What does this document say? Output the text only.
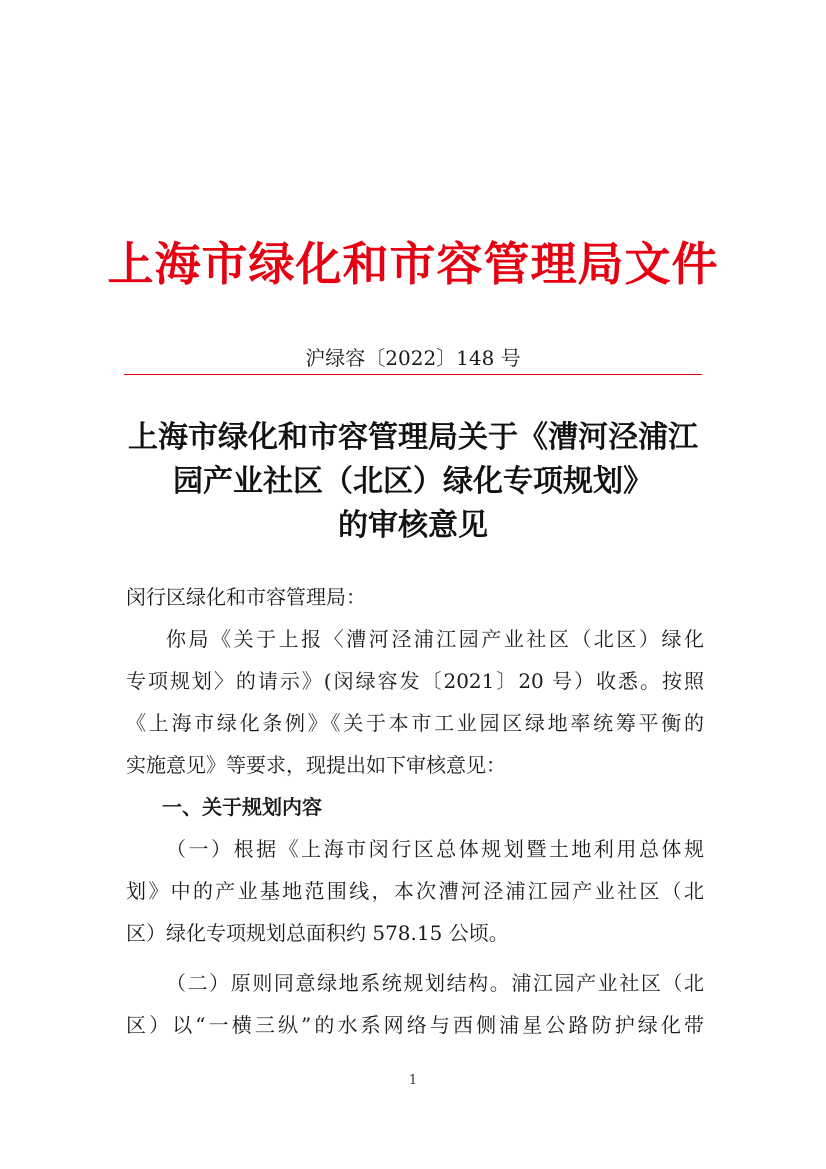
上海市绿化和市容管理局文件
沪绿容〔2022〕148 号
上海市绿化和市容管理局关于《漕河泾浦江
园产业社区（北区）绿化专项规划》
的审核意见
闵行区绿化和市容管理局：
你局《关于上报〈漕河泾浦江园产业社区（北区）绿化
专项规划〉的请示》(闵绿容发〔2021〕20 号）收悉。按照
《上海市绿化条例》《关于本市工业园区绿地率统筹平衡的
实施意见》等要求，现提出如下审核意见：
一、关于规划内容
（一）根据《上海市闵行区总体规划暨土地利用总体规
划》中的产业基地范围线，本次漕河泾浦江园产业社区（北
区）绿化专项规划总面积约 578.15 公顷。
（二）原则同意绿地系统规划结构。浦江园产业社区（北
区）以“一横三纵”的水系网络与西侧浦星公路防护绿化带
1
